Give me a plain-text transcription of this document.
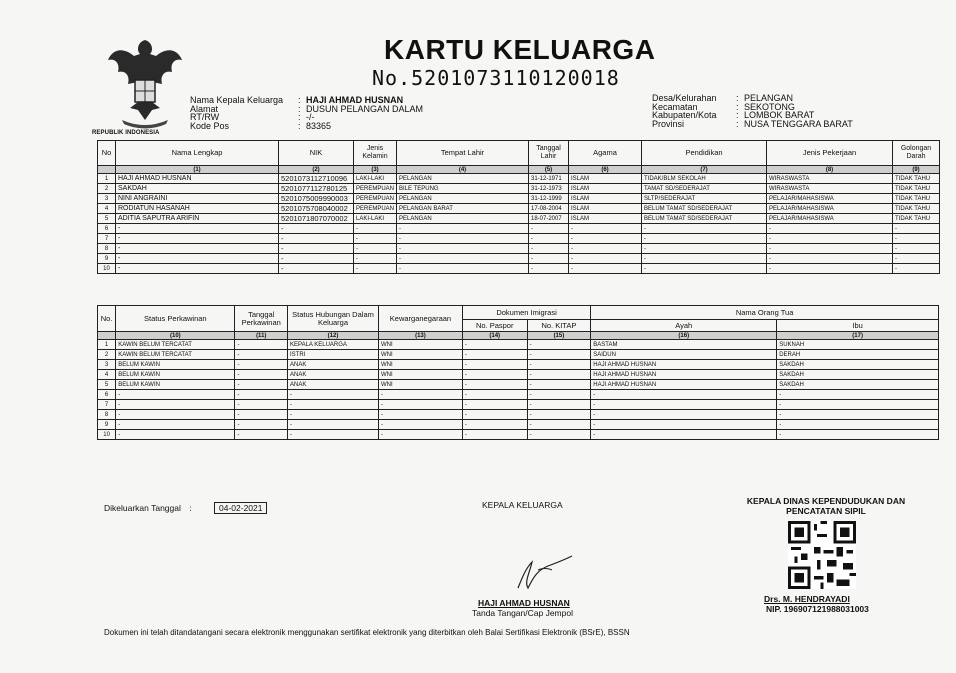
REPUBLIK INDONESIA
KARTU KELUARGA
No.5201073110120018
Nama Kepala Keluarga	: HAJI AHMAD HUSNAN
Alamat	: DUSUN PELANGAN DALAM
RT/RW	: -/-
Kode Pos	: 83365
Desa/Kelurahan	: PELANGAN
Kecamatan	: SEKOTONG
Kabupaten/Kota	: LOMBOK BARAT
Provinsi	: NUSA TENGGARA BARAT
No	Nama Lengkap	NIK	Jenis Kelamin	Tempat Lahir	Tanggal Lahir	Agama	Pendidikan	Jenis Pekerjaan	Golongan Darah
	(1)	(2)	(3)	(4)	(5)	(6)	(7)	(8)	(9)
1	HAJI AHMAD HUSNAN	5201073112710096	LAKI-LAKI	PELANGAN	31-12-1971	ISLAM	TIDAK/BLM SEKOLAH	WIRASWASTA	TIDAK TAHU
2	SAKDAH	5201077112780125	PEREMPUAN	BILE TEPUNG	31-12-1973	ISLAM	TAMAT SD/SEDERAJAT	WIRASWASTA	TIDAK TAHU
3	NINI ANGRAINI	5201075009990003	PEREMPUAN	PELANGAN	31-12-1999	ISLAM	SLTP/SEDERAJAT	PELAJAR/MAHASISWA	TIDAK TAHU
4	RODIATUN HASANAH	5201075708040002	PEREMPUAN	PELANGAN BARAT	17-08-2004	ISLAM	BELUM TAMAT SD/SEDERAJAT	PELAJAR/MAHASISWA	TIDAK TAHU
5	ADITIA SAPUTRA ARIFIN	5201071807070002	LAKI-LAKI	PELANGAN	18-07-2007	ISLAM	BELUM TAMAT SD/SEDERAJAT	PELAJAR/MAHASISWA	TIDAK TAHU
6	-	-	-	-	-	-	-	-	-
7	-	-	-	-	-	-	-	-	-
8	-	-	-	-	-	-	-	-	-
9	-	-	-	-	-	-	-	-	-
10	-	-	-	-	-	-	-	-	-
No.	Status Perkawinan	Tanggal Perkawinan	Status Hubungan Dalam Keluarga	Kewarganegaraan	Dokumen Imigrasi		Nama Orang Tua	
					No. Paspor	No. KITAP	Ayah	Ibu
	(10)	(11)	(12)	(13)	(14)	(15)	(16)	(17)
1	KAWIN BELUM TERCATAT	-	KEPALA KELUARGA	WNI	-	-	BASTAM	SUKNAH
2	KAWIN BELUM TERCATAT	-	ISTRI	WNI	-	-	SAIDUN	DERAH
3	BELUM KAWIN	-	ANAK	WNI	-	-	HAJI AHMAD HUSNAN	SAKDAH
4	BELUM KAWIN	-	ANAK	WNI	-	-	HAJI AHMAD HUSNAN	SAKDAH
5	BELUM KAWIN	-	ANAK	WNI	-	-	HAJI AHMAD HUSNAN	SAKDAH
6	-	-	-	-	-	-	-	-
7	-	-	-	-	-	-	-	-
8	-	-	-	-	-	-	-	-
9	-	-	-	-	-	-	-	-
10	-	-	-	-	-	-	-	-
Dikeluarkan Tanggal :	04-02-2021	KEPALA KELUARGA
HAJI AHMAD HUSNAN
Tanda Tangan/Cap Jempol
KEPALA DINAS KEPENDUDUKAN DAN PENCATATAN SIPIL
Drs. M. HENDRAYADI
NIP. 196907121988031003
Dokumen ini telah ditandatangani secara elektronik menggunakan sertifikat elektronik yang diterbitkan oleh Balai Sertifikasi Elektronik (BSrE), BSSN
